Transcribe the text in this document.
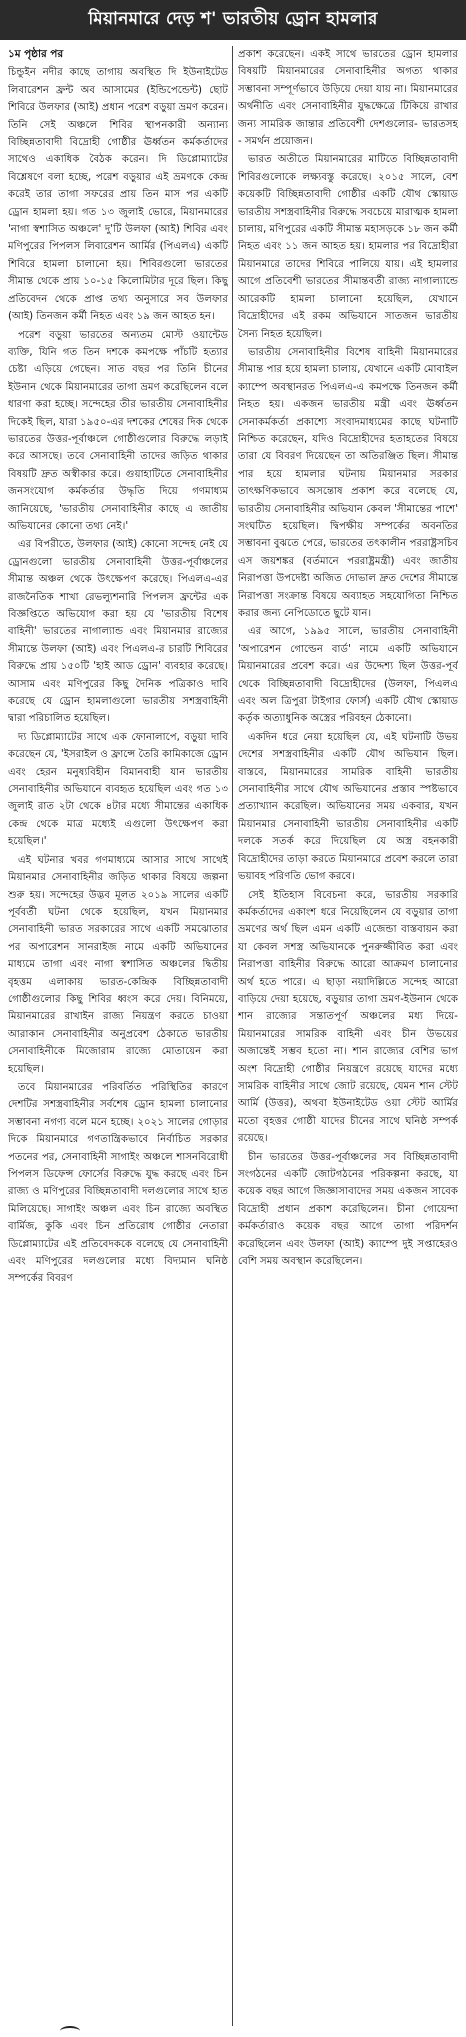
মিয়ানমারে দেড় শ' ভারতীয় ড্রোন হামলার
১ম পৃষ্ঠার পর

চিন্ডুইন নদীর কাছে তাগায় অবস্থিত দি ইউনাইটেড লিবারেশন ফ্রন্ট অব আসামের (ইন্ডিপেন্ডেন্ট) ছোট শিবিরে উলফার (আই) প্রধান পরেশ বড়ুয়া ভ্রমণ করেন। তিনি সেই অঞ্চলে শিবির স্থাপনকারী অন্যান্য বিচ্ছিন্নতাবাদী বিদ্রোহী গোষ্ঠীর ঊর্ধ্বতন কর্মকর্তাদের সাথেও একাধিক বৈঠক করেন। দি ডিপ্লোম্যাটের বিশ্লেষণে বলা হচ্ছে, পরেশ বড়ুয়ার এই ভ্রমণকে কেন্দ্র করেই তার তাগা সফরের প্রায় তিন মাস পর একটি ড্রোন হামলা হয়। গত ১৩ জুলাই ভোরে, মিয়ানমারের 'নাগা স্বশাসিত অঞ্চলে' দু'টি উলফা (আই) শিবির এবং মণিপুরের পিপলস লিবারেশন আর্মির (পিএলএ) একটি শিবিরে হামলা চালানো হয়। শিবিরগুলো ভারতের সীমান্ত থেকে প্রায় ১০-১৫ কিলোমিটার দূরে ছিল। কিছু প্রতিবেদন থেকে প্রাপ্ত তথ্য অনুসারে সব উলফার (আই) তিনজন কর্মী নিহত এবং ১৯ জন আহত হন।

পরেশ বড়ুয়া ভারতের অন্যতম মোস্ট ওয়ান্টেড ব্যক্তি, যিনি গত তিন দশকে কমপক্ষে পাঁচটি হত্যার চেষ্টা এড়িয়ে গেছেন। সাত বছর পর তিনি চীনের ইউনান থেকে মিয়ানমারের তাগা ভ্রমণ করেছিলেন বলে ধারণা করা হচ্ছে। সন্দেহের তীর ভারতীয় সেনাবাহিনীর দিকেই ছিল, যারা ১৯৫০-এর দশকের শেষের দিক থেকে ভারতের উত্তর-পূর্বাঞ্চলে গোষ্ঠীগুলোর বিরুদ্ধে লড়াই করে আসছে। তবে সেনাবাহিনী তাদের জড়িত থাকার বিষয়টি দ্রুত অস্বীকার করে। গুয়াহাটিতে সেনাবাহিনীর জনসংযোগ কর্মকর্তার উদ্ধৃতি দিয়ে গণমাধ্যম জানিয়েছে, 'ভারতীয় সেনাবাহিনীর কাছে এ জাতীয় অভিযানের কোনো তথ্য নেই।'

এর বিপরীতে, উলফার (আই) কোনো সন্দেহ নেই যে ড্রোনগুলো ভারতীয় সেনাবাহিনী উত্তর-পূর্বাঞ্চলের সীমান্ত অঞ্চল থেকে উৎক্ষেপণ করেছে। পিএলএ-এর রাজনৈতিক শাখা রেভল্যুশনারি পিপলস ফ্রন্টের এক বিজ্ঞপ্তিতে অভিযোগ করা হয় যে 'ভারতীয় বিশেষ বাহিনী' ভারতের নাগাল্যান্ড এবং মিয়ানমার রাজ্যের সীমান্তে উলফা (আই) এবং পিএলএ-র চারটি শিবিরের বিরুদ্ধে প্রায় ১৫০টি 'হাই আড ড্রোন' ব্যবহার করেছে। আসাম এবং মণিপুরের কিছু দৈনিক পত্রিকাও দাবি করেছে যে ড্রোন হামলাগুলো ভারতীয় সশস্ত্রবাহিনী দ্বারা পরিচালিত হয়েছিল।

দ্য ডিপ্লোম্যাটের সাথে এক ফোনালাপে, বড়ুয়া দাবি করেছেন যে, 'ইসরাইল ও ফ্রান্সে তৈরি কামিকাজে ড্রোন এবং হেরন মনুষ্যবিহীন বিমানবাহী যান ভারতীয় সেনাবাহিনীর অভিযানে ব্যবহৃত হয়েছিল এবং গত ১৩ জুলাই রাত ২টা থেকে ৪টার মধ্যে সীমান্তের একাধিক কেন্দ্র থেকে মাত্র মধ্যেই এগুলো উৎক্ষেপণ করা হয়েছিল।'

এই ঘটনার খবর গণমাধ্যমে আসার সাথে সাথেই মিয়ানমার সেনাবাহিনীর জড়িত থাকার বিষয়ে জল্পনা শুরু হয়। সন্দেহের উদ্ভব মূলত ২০১৯ সালের একটি পূর্ববর্তী ঘটনা থেকে হয়েছিল, যখন মিয়ানমার সেনাবাহিনী ভারত সরকারের সাথে একটি সমঝোতার পর অপারেশন সানরাইজ নামে একটি অভিযানের মাধ্যমে তাগা এবং নাগা স্বশাসিত অঞ্চলের দ্বিতীয় বৃহত্তম এলাকায় ভারত-কেন্দ্রিক বিচ্ছিন্নতাবাদী গোষ্ঠীগুলোর কিছু শিবির ধ্বংস করে দেয়। বিনিময়ে, মিয়ানমারের রাখাইন রাজ্য নিয়ন্ত্রণ করতে চাওয়া আরাকান সেনাবাহিনীর অনুপ্রবেশ ঠেকাতে ভারতীয় সেনাবাহিনীকে মিজোরাম রাজ্যে মোতায়েন করা হয়েছিল।

তবে মিয়ানমারের পরিবর্তিত পরিস্থিতির কারণে দেশটির সশস্ত্রবাহিনীর সর্বশেষ ড্রোন হামলা চালানোর সম্ভাবনা নগণ্য বলে মনে হচ্ছে। ২০২১ সালের গোড়ার দিকে মিয়ানমারে গণতান্ত্রিকভাবে নির্বাচিত সরকার পতনের পর, সেনাবাহিনী সাগাইং অঞ্চলে শাসনবিরোধী পিপলস ডিফেন্স ফোর্সের বিরুদ্ধে যুদ্ধ করছে এবং চিন রাজ্য ও মণিপুরের বিচ্ছিন্নতাবাদী দলগুলোর সাথে হাত মিলিয়েছে। সাগাইং অঞ্চল এবং চিন রাজ্যে অবস্থিত বার্মিজ, কুকি এবং চিন প্রতিরোধ গোষ্ঠীর নেতারা ডিপ্লোম্যাটের এই প্রতিবেদককে বলেছে যে সেনাবাহিনী এবং মণিপুরের দলগুলোর মধ্যে বিদ্যমান ঘনিষ্ঠ সম্পর্কের বিবরণ

প্রকাশ করেছেন। একই সাথে ভারতের ড্রোন হামলার বিষয়টি মিয়ানমারের সেনাবাহিনীর অগত্য থাকার সম্ভাবনা সম্পূর্ণভাবে উড়িয়ে দেয়া যায় না। মিয়ানমারের অর্থনীতি এবং সেনাবাহিনীর যুদ্ধক্ষেত্রে টিকিয়ে রাখার জন্য সামরিক জান্তার প্রতিবেশী দেশগুলোর- ভারতসহ - সমর্থন প্রয়োজন।

ভারত অতীতে মিয়ানমারের মাটিতে বিচ্ছিন্নতাবাদী শিবিরগুলোকে লক্ষ্যবস্তু করেছে। ২০১৫ সালে, বেশ কয়েকটি বিচ্ছিন্নতাবাদী গোষ্ঠীর একটি যৌথ স্কোয়াড ভারতীয় সশস্ত্রবাহিনীর বিরুদ্ধে সবচেয়ে মারাত্মক হামলা চালায়, মণিপুরের একটি সীমান্ত মহাসড়কে ১৮ জন কর্মী নিহত এবং ১১ জন আহত হয়। হামলার পর বিদ্রোহীরা মিয়ানমারে তাদের শিবিরে পালিয়ে যায়। এই হামলার আগে প্রতিবেশী ভারতের সীমান্তবর্তী রাজ্য নাগাল্যান্ডে আরেকটি হামলা চালানো হয়েছিল, যেখানে বিদ্রোহীদের এই রকম অভিযানে সাতজন ভারতীয় সৈন্য নিহত হয়েছিল।

ভারতীয় সেনাবাহিনীর বিশেষ বাহিনী মিয়ানমারের সীমান্ত পার হয়ে হামলা চালায়, যেখানে একটি মোবাইল ক্যাম্পে অবস্থানরত পিএলএ-এ কমপক্ষে তিনজন কর্মী নিহত হয়। একজন ভারতীয় মন্ত্রী এবং ঊর্ধ্বতন সেনাকর্মকর্তা প্রকাশ্যে সংবাদমাধ্যমের কাছে ঘটনাটি নিশ্চিত করেছেন, যদিও বিদ্রোহীদের হতাহতের বিষয়ে তারা যে বিবরণ দিয়েছেন তা অতিরঞ্জিত ছিল। সীমান্ত পার হয়ে হামলার ঘটনায় মিয়ানমার সরকার তাৎক্ষণিকভাবে অসন্তোষ প্রকাশ করে বলেছে যে, ভারতীয় সেনাবাহিনীর অভিযান কেবল 'সীমান্তের পাশে' সংঘটিত হয়েছিল। দ্বিপক্ষীয় সম্পর্কের অবনতির সম্ভাবনা বুঝতে পেরে, ভারতের তৎকালীন পররাষ্ট্রসচিব এস জয়শঙ্কর (বর্তমানে পররাষ্ট্রমন্ত্রী) এবং জাতীয় নিরাপত্তা উপদেষ্টা অজিত দোভাল দ্রুত দেশের সীমান্তে নিরাপত্তা সংক্রান্ত বিষয়ে অব্যাহত সহযোগিতা নিশ্চিত করার জন্য নেপিডোতে ছুটে যান।

এর আগে, ১৯৯৫ সালে, ভারতীয় সেনাবাহিনী 'অপারেশন গোল্ডেন বার্ড' নামে একটি অভিযানে মিয়ানমারের প্রবেশ করে। এর উদ্দেশ্য ছিল উত্তর-পূর্ব থেকে বিচ্ছিন্নতাবাদী বিদ্রোহীদের (উলফা, পিএলএ এবং অল ত্রিপুরা টাইগার ফোর্স) একটি যৌথ স্কোয়াড কর্তৃক অত্যাধুনিক অস্ত্রের পরিবহন ঠেকানো।

একদিন ধরে নেয়া হয়েছিল যে, এই ঘটনাটি উভয় দেশের সশস্ত্রবাহিনীর একটি যৌথ অভিযান ছিল। বাস্তবে, মিয়ানমারের সামরিক বাহিনী ভারতীয় সেনাবাহিনীর সাথে যৌথ অভিযানের প্রস্তাব স্পষ্টভাবে প্রত্যাখ্যান করেছিল। অভিযানের সময় একবার, যখন মিয়ানমার সেনাবাহিনী ভারতীয় সেনাবাহিনীর একটি দলকে সতর্ক করে দিয়েছিল যে অস্ত্র বহনকারী বিদ্রোহীদের তাড়া করতে মিয়ানমারে প্রবেশ করলে তারা ভয়াবহ পরিণতি ভোগ করবে।

সেই ইতিহাস বিবেচনা করে, ভারতীয় সরকারি কর্মকর্তাদের একাংশ ধরে নিয়েছিলেন যে বড়ুয়ার তাগা ভ্রমণের অর্থ ছিল এমন একটি এজেন্ডা বাস্তবায়ন করা যা কেবল সশস্ত্র অভিযানকে পুনরুজ্জীবিত করা এবং নিরাপত্তা বাহিনীর বিরুদ্ধে আরো আক্রমণ চালানোর অর্থ হতে পারে। এ ছাড়া নয়াদিল্লিতে সন্দেহ আরো বাড়িয়ে দেয়া হয়েছে, বড়ুয়ার তাগা ভ্রমণ-ইউনান থেকে শান রাজ্যের সন্তাতপূর্ণ অঞ্চলের মধ্য দিয়ে- মিয়ানমারের সামরিক বাহিনী এবং চীন উভয়ের অজান্তেই সম্ভব হতো না। শান রাজ্যের বেশির ভাগ অংশ বিদ্রোহী গোষ্ঠীর নিয়ন্ত্রণে রয়েছে যাদের মধ্যে সামরিক বাহিনীর সাথে জোট রয়েছে, যেমন শান স্টেট আর্মি (উত্তর), অথবা ইউনাইটেড ওয়া স্টেট আর্মির মতো বৃহত্তর গোষ্ঠী যাদের চীনের সাথে ঘনিষ্ঠ সম্পর্ক রয়েছে।

চীন ভারতের উত্তর-পূর্বাঞ্চলের সব বিচ্ছিন্নতাবাদী সংগঠনের একটি জোটগঠনের পরিকল্পনা করছে, যা কয়েক বছর আগে জিজ্ঞাসাবাদের সময় একজন সাবেক বিদ্রোহী প্রধান প্রকাশ করেছিলেন। চীনা গোয়েন্দা কর্মকর্তারাও কয়েক বছর আগে তাগা পরিদর্শন করেছিলেন এবং উলফা (আই) ক্যাম্পে দুই সপ্তাহেরও বেশি সময় অবস্থান করেছিলেন।
